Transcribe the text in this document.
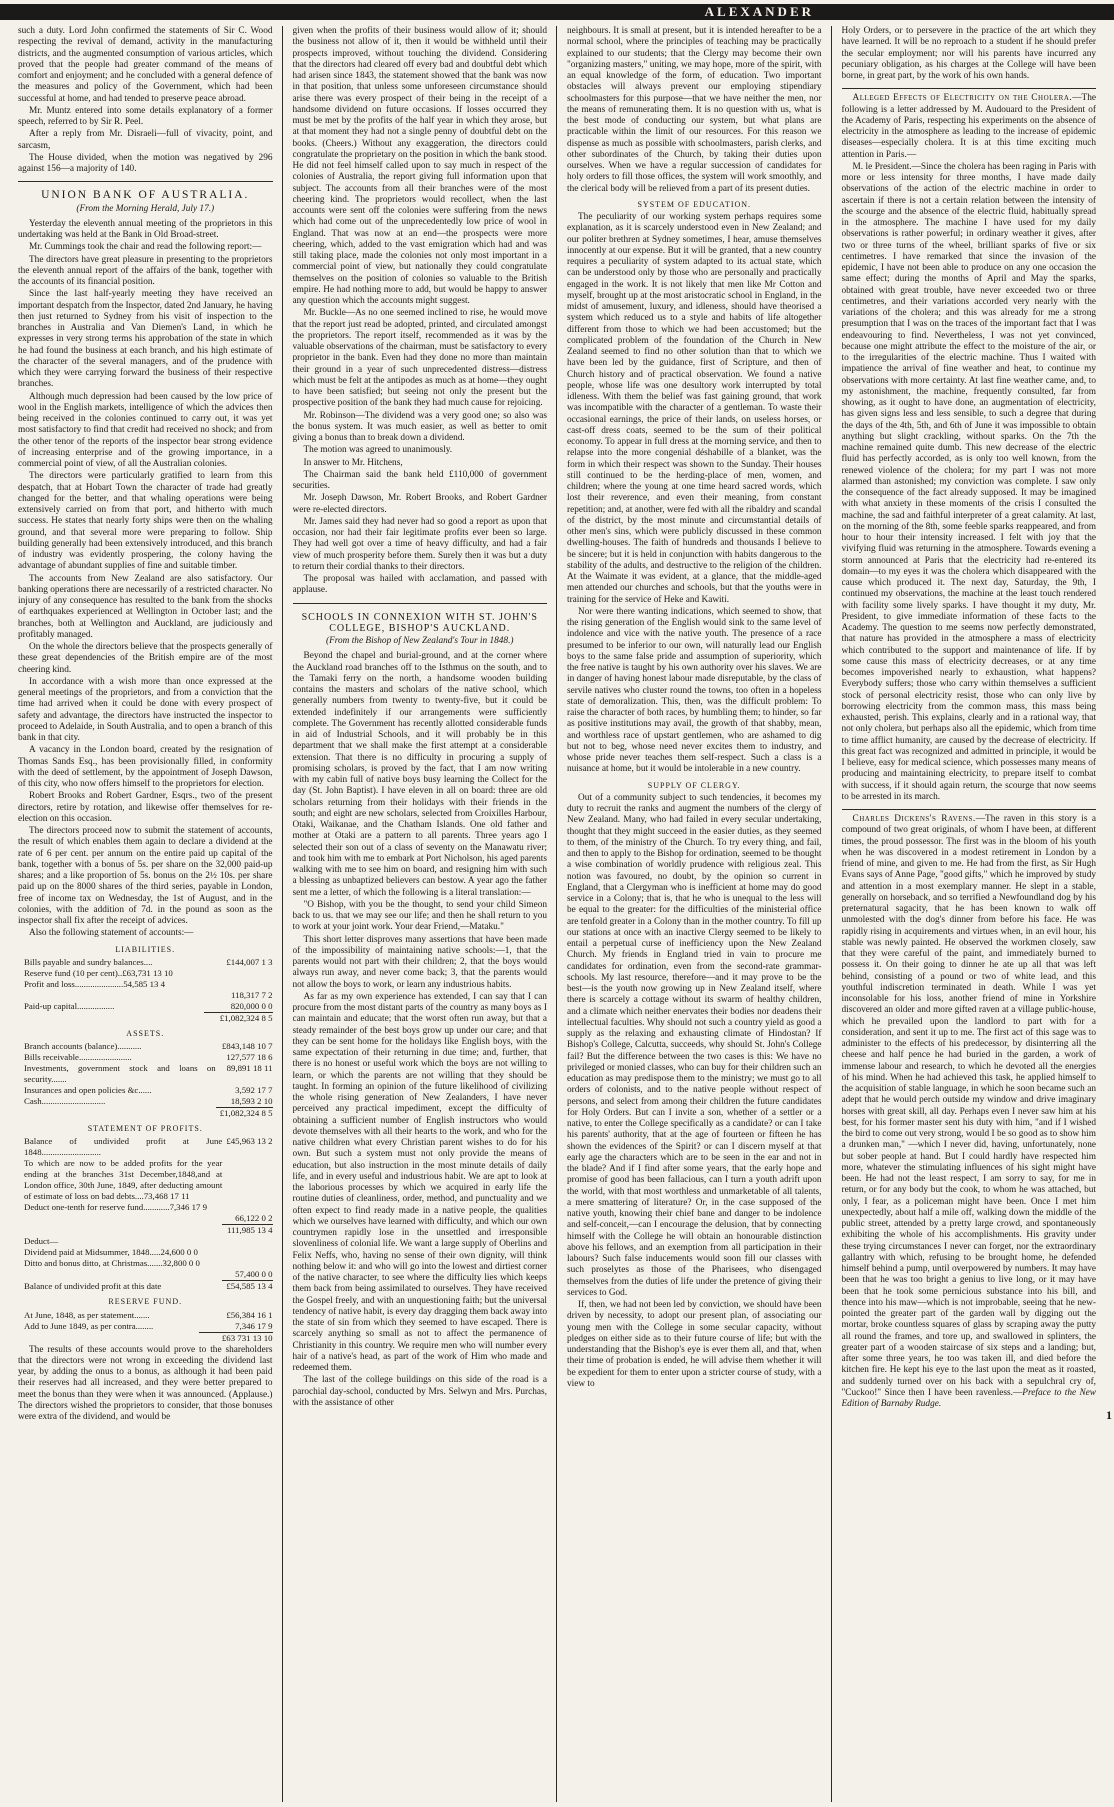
ALEXANDER

such a duty. Lord John confirmed the statements of Sir C. Wood respecting the revival of demand, activity in the manufacturing districts, and the augmented consumption of various articles, which proved that the people had greater command of the means of comfort and enjoyment; and he concluded with a general defence of the measures and policy of the Government, which had been successful at home, and had tended to preserve peace abroad.

Mr. Muntz entered into some details explanatory of a former speech, referred to by Sir R. Peel.

After a reply from Mr. Disraeli—full of vivacity, point, and sarcasm,

The House divided, when the motion was negatived by 296 against 156—a majority of 140.

UNION BANK OF AUSTRALIA.
(From the Morning Herald, July 17.)

Yesterday the eleventh annual meeting of the proprietors in this undertaking was held at the Bank in Old Broad-street.

Mr. Cummings took the chair and read the following report:—

The directors have great pleasure in presenting to the proprietors the eleventh annual report of the affairs of the bank, together with the accounts of its financial position.

Since the last half-yearly meeting they have received an important despatch from the Inspector, dated 2nd January, he having then just returned to Sydney from his visit of inspection to the branches in Australia and Van Diemen's Land, in which he expresses in very strong terms his approbation of the state in which he had found the business at each branch, and his high estimate of the character of the several managers, and of the prudence with which they were carrying forward the business of their respective branches.

Although much depression had been caused by the low price of wool in the English markets, intelligence of which the advices then being received in the colonies continued to carry out, it was yet most satisfactory to find that credit had received no shock; and from the other tenor of the reports of the inspector bear strong evidence of increasing enterprise and of the growing importance, in a commercial point of view, of all the Australian colonies.

The directors were particularly gratified to learn from this despatch, that at Hobart Town the character of trade had greatly changed for the better, and that whaling operations were being extensively carried on from that port, and hitherto with much success. He states that nearly forty ships were then on the whaling ground, and that several more were preparing to follow. Ship building generally had been extensively introduced, and this branch of industry was evidently prospering, the colony having the advantage of abundant supplies of fine and suitable timber.

The accounts from New Zealand are also satisfactory. Our banking operations there are necessarily of a restricted character. No injury of any consequence has resulted to the bank from the shocks of earthquakes experienced at Wellington in October last; and the branches, both at Wellington and Auckland, are judiciously and profitably managed.

On the whole the directors believe that the prospects generally of these great dependencies of the British empire are of the most cheering kind.

In accordance with a wish more than once expressed at the general meetings of the proprietors, and from a conviction that the time had arrived when it could be done with every prospect of safety and advantage, the directors have instructed the inspector to proceed to Adelaide, in South Australia, and to open a branch of this bank in that city.

A vacancy in the London board, created by the resignation of Thomas Sands Esq., has been provisionally filled, in conformity with the deed of settlement, by the appointment of Joseph Dawson, of this city, who now offers himself to the proprietors for election.

Robert Brooks and Robert Gardner, Esqrs., two of the present directors, retire by rotation, and likewise offer themselves for re-election on this occasion.

The directors proceed now to submit the statement of accounts, the result of which enables them again to declare a dividend at the rate of 6 per cent. per annum on the entire paid up capital of the bank, together with a bonus of 5s. per share on the 32,000 paid-up shares; and a like proportion of 5s. bonus on the 2½ 10s. per share paid up on the 8000 shares of the third series, payable in London, free of income tax on Wednesday, the 1st of August, and in the colonies, with the addition of 7d. in the pound as soon as the inspector shall fix after the receipt of advices.

Also the following statement of accounts:—

LIABILITIES.
Bills payable and sundry balances....	£144,007 1 3
Reserve fund (10 per cent)..£63,731 13 10	
Profit and loss......................54,585 13 4	
	118,317 7 2
Paid-up capital.................	820,000 0 0
	£1,082,324 8 5
ASSETS.
Branch accounts (balance)...........	£843,148 10 7
Bills receivable........................	127,577 18 6
Investments, government stock and loans on security.......	89,891 18 11
Insurances and open policies &c......	3,592 17 7
Cash.............................	18,593 2 10
	£1,082,324 8 5
STATEMENT OF PROFITS.
Balance of undivided profit at June 1848...........................	£45,963 13 2
To which are now to be added profits for the year ending at the branches 31st December,1848,and at London office, 30th June, 1849, after deducting amount of estimate of loss on bad debts....73,468 17 11	
Deduct one-tenth for reserve fund............7,346 17 9	
	66,122 0 2
	111,985 13 4
Deduct—	
Dividend paid at Midsummer, 1848.....24,600 0 0	
Ditto and bonus ditto, at Christmas.......32,800 0 0	
	57,400 0 0
Balance of undivided profit at this date	£54,585 13 4
RESERVE FUND.
At June, 1848, as per statement.......	£56,384 16 1
Add to June 1849, as per contra........	7,346 17 9
	£63 731 13 10

The results of these accounts would prove to the shareholders that the directors were not wrong in exceeding the dividend last year, by adding the onus to a bonus, as although it had been paid their reserves had all increased, and they were better prepared to meet the bonus than they were when it was announced. (Applause.) The directors wished the proprietors to consider, that those bonuses were extra of the dividend, and would be

given when the profits of their business would allow of it; should the business not allow of it, then it would be withheld until their prospects improved, without touching the dividend. Considering that the directors had cleared off every bad and doubtful debt which had arisen since 1843, the statement showed that the bank was now in that position, that unless some unforeseen circumstance should arise there was every prospect of their being in the receipt of a handsome dividend on future occasions. If losses occurred they must be met by the profits of the half year in which they arose, but at that moment they had not a single penny of doubtful debt on the books. (Cheers.) Without any exaggeration, the directors could congratulate the proprietary on the position in which the bank stood. He did not feel himself called upon to say much in respect of the colonies of Australia, the report giving full information upon that subject. The accounts from all their branches were of the most cheering kind. The proprietors would recollect, when the last accounts were sent off the colonies were suffering from the news which had come out of the unprecedentedly low price of wool in England. That was now at an end—the prospects were more cheering, which, added to the vast emigration which had and was still taking place, made the colonies not only most important in a commercial point of view, but nationally they could congratulate themselves on the position of colonies so valuable to the British empire. He had nothing more to add, but would be happy to answer any question which the accounts might suggest.

Mr. Buckle—As no one seemed inclined to rise, he would move that the report just read be adopted, printed, and circulated amongst the proprietors. The report itself, recommended as it was by the valuable observations of the chairman, must be satisfactory to every proprietor in the bank. Even had they done no more than maintain their ground in a year of such unprecedented distress—distress which must be felt at the antipodes as much as at home—they ought to have been satisfied; but seeing not only the present but the prospective position of the bank they had much cause for rejoicing.

Mr. Robinson—The dividend was a very good one; so also was the bonus system. It was much easier, as well as better to omit giving a bonus than to break down a dividend.

The motion was agreed to unanimously.

In answer to Mr. Hitchens,

The Chairman said the bank held £110,000 of government securities.

Mr. Joseph Dawson, Mr. Robert Brooks, and Robert Gardner were re-elected directors.

Mr. James said they had never had so good a report as upon that occasion, nor had their fair legitimate profits ever been so large. They had well got over a time of heavy difficulty, and had a fair view of much prosperity before them. Surely then it was but a duty to return their cordial thanks to their directors.

The proposal was hailed with acclamation, and passed with applause.

SCHOOLS IN CONNEXION WITH ST. JOHN'S COLLEGE, BISHOP'S AUCKLAND.
(From the Bishop of New Zealand's Tour in 1848.)

Beyond the chapel and burial-ground, and at the corner where the Auckland road branches off to the Isthmus on the south, and to the Tamaki ferry on the north, a handsome wooden building contains the masters and scholars of the native school, which generally numbers from twenty to twenty-five, but it could be extended indefinitely if our arrangements were sufficiently complete. The Government has recently allotted considerable funds in aid of Industrial Schools, and it will probably be in this department that we shall make the first attempt at a considerable extension. That there is no difficulty in procuring a supply of promising scholars, is proved by the fact, that I am now writing with my cabin full of native boys busy learning the Collect for the day (St. John Baptist). I have eleven in all on board: three are old scholars returning from their holidays with their friends in the south; and eight are new scholars, selected from Croixilles Harbour, Otaki, Waikanae, and the Chatham Islands. One old father and mother at Otaki are a pattern to all parents. Three years ago I selected their son out of a class of seventy on the Manawatu river; and took him with me to embark at Port Nicholson, his aged parents walking with me to see him on board, and resigning him with such a blessing as unbaptized believers can bestow. A year ago the father sent me a letter, of which the following is a literal translation:—

"O Bishop, with you be the thought, to send your child Simeon back to us. that we may see our life; and then he shall return to you to work at your joint work. Your dear Friend,—Mataku."

This short letter disproves many assertions that have been made of the impossibility of maintaining native schools:—1, that the parents would not part with their children; 2, that the boys would always run away, and never come back; 3, that the parents would not allow the boys to work, or learn any industrious habits.

As far as my own experience has extended, I can say that I can procure from the most distant parts of the country as many boys as I can maintain and educate; that the worst often run away, but that a steady remainder of the best boys grow up under our care; and that they can be sent home for the holidays like English boys, with the same expectation of their returning in due time; and, further, that there is no honest or useful work which the boys are not willing to learn, or which the parents are not willing that they should be taught. In forming an opinion of the future likelihood of civilizing the whole rising generation of New Zealanders, I have never perceived any practical impediment, except the difficulty of obtaining a sufficient number of English instructors who would devote themselves with all their hearts to the work, and who for the native children what every Christian parent wishes to do for his own. But such a system must not only provide the means of education, but also instruction in the most minute details of daily life, and in every useful and industrious habit. We are apt to look at the laborious processes by which we acquired in early life the routine duties of cleanliness, order, method, and punctuality and we often expect to find ready made in a native people, the qualities which we ourselves have learned with difficulty, and which our own countrymen rapidly lose in the unsettled and irresponsible slovenliness of colonial life. We want a large supply of Oberlins and Felix Neffs, who, having no sense of their own dignity, will think nothing below it: and who will go into the lowest and dirtiest corner of the native character, to see where the difficulty lies which keeps them back from being assimilated to ourselves. They have received the Gospel freely, and with an unquestioning faith; but the universal tendency of native habit, is every day dragging them back away into the state of sin from which they seemed to have escaped. There is scarcely anything so small as not to affect the permanence of Christianity in this country. We require men who will number every hair of a native's head, as part of the work of Him who made and redeemed them.

The last of the college buildings on this side of the road is a parochial day-school, conducted by Mrs. Selwyn and Mrs. Purchas, with the assistance of other

neighbours. It is small at present, but it is intended hereafter to be a normal school, where the principles of teaching may be practically explained to our students; that the Clergy may become their own "organizing masters," uniting, we may hope, more of the spirit, with an equal knowledge of the form, of education. Two important obstacles will always prevent our employing stipendiary schoolmasters for this purpose—that we have neither the men, nor the means of remunerating them. It is no question with us, what is the best mode of conducting our system, but what plans are practicable within the limit of our resources. For this reason we dispense as much as possible with schoolmasters, parish clerks, and other subordinates of the Church, by taking their duties upon ourselves. When we have a regular succession of candidates for holy orders to fill those offices, the system will work smoothly, and the clerical body will be relieved from a part of its present duties.

SYSTEM OF EDUCATION.

The peculiarity of our working system perhaps requires some explanation, as it is scarcely understood even in New Zealand; and our politer brethren at Sydney sometimes, I hear, amuse themselves innocently at our expense. But it will be granted, that a new country requires a peculiarity of system adapted to its actual state, which can be understood only by those who are personally and practically engaged in the work. It is not likely that men like Mr Cotton and myself, brought up at the most aristocratic school in England, in the midst of amusement, luxury, and idleness, should have theorised a system which reduced us to a style and habits of life altogether different from those to which we had been accustomed; but the complicated problem of the foundation of the Church in New Zealand seemed to find no other solution than that to which we have been led by the guidance, first of Scripture, and then of Church history and of practical observation. We found a native people, whose life was one desultory work interrupted by total idleness. With them the belief was fast gaining ground, that work was incompatible with the character of a gentleman. To waste their occasional earnings, the price of their lands, on useless horses, or cast-off dress coats, seemed to be the sum of their political economy. To appear in full dress at the morning service, and then to relapse into the more congenial déshabille of a blanket, was the form in which their respect was shown to the Sunday. Their houses still continued to be the herding-place of men, women, and children; where the young at one time heard sacred words, which lost their reverence, and even their meaning, from constant repetition; and, at another, were fed with all the ribaldry and scandal of the district, by the most minute and circumstantial details of other men's sins, which were publicly discussed in these common dwelling-houses. The faith of hundreds and thousands I believe to be sincere; but it is held in conjunction with habits dangerous to the stability of the adults, and destructive to the religion of the children. At the Waimate it was evident, at a glance, that the middle-aged men attended our churches and schools, but that the youths were in training for the service of Heke and Kawiti.

Nor were there wanting indications, which seemed to show, that the rising generation of the English would sink to the same level of indolence and vice with the native youth. The presence of a race presumed to be inferior to our own, will naturally lead our English boys to the same false pride and assumption of superiority, which the free native is taught by his own authority over his slaves. We are in danger of having honest labour made disreputable, by the class of servile natives who cluster round the towns, too often in a hopeless state of demoralization. This, then, was the difficult problem: To raise the character of both races, by humbling them; to hinder, so far as positive institutions may avail, the growth of that shabby, mean, and worthless race of upstart gentlemen, who are ashamed to dig but not to beg, whose need never excites them to industry, and whose pride never teaches them self-respect. Such a class is a nuisance at home, but it would be intolerable in a new country.

SUPPLY OF CLERGY.

Out of a community subject to such tendencies, it becomes my duty to recruit the ranks and augment the numbers of the clergy of New Zealand. Many, who had failed in every secular undertaking, thought that they might succeed in the easier duties, as they seemed to them, of the ministry of the Church. To try every thing, and fail, and then to apply to the Bishop for ordination, seemed to be thought a wise combination of worldly prudence with religious zeal. This notion was favoured, no doubt, by the opinion so current in England, that a Clergyman who is inefficient at home may do good service in a Colony; that is, that he who is unequal to the less will be equal to the greater: for the difficulties of the ministerial office are tenfold greater in a Colony than in the mother country. To fill up our stations at once with an inactive Clergy seemed to be likely to entail a perpetual curse of inefficiency upon the New Zealand Church. My friends in England tried in vain to procure me candidates for ordination, even from the second-rate grammar-schools. My last resource, therefore—and it may prove to be the best—is the youth now growing up in New Zealand itself, where there is scarcely a cottage without its swarm of healthy children, and a climate which neither enervates their bodies nor deadens their intellectual faculties. Why should not such a country yield as good a supply as the relaxing and exhausting climate of Hindostan? If Bishop's College, Calcutta, succeeds, why should St. John's College fail? But the difference between the two cases is this: We have no privileged or monied classes, who can buy for their children such an education as may predispose them to the ministry; we must go to all orders of colonists, and to the native people without respect of persons, and select from among their children the future candidates for Holy Orders. But can I invite a son, whether of a settler or a native, to enter the College specifically as a candidate? or can I take his parents' authority, that at the age of fourteen or fifteen he has shown the evidences of the Spirit? or can I discern myself at that early age the characters which are to be seen in the ear and not in the blade? And if I find after some years, that the early hope and promise of good has been fallacious, can I turn a youth adrift upon the world, with that most worthless and unmarketable of all talents, a mere smattering of literature? Or, in the case supposed of the native youth, knowing their chief bane and danger to be indolence and self-conceit,—can I encourage the delusion, that by connecting himself with the College he will obtain an honourable distinction above his fellows, and an exemption from all participation in their labours? Such false inducements would soon fill our classes with such proselytes as those of the Pharisees, who disengaged themselves from the duties of life under the pretence of giving their services to God.

If, then, we had not been led by conviction, we should have been driven by necessity, to adopt our present plan, of associating our young men with the College in some secular capacity, without pledges on either side as to their future course of life; but with the understanding that the Bishop's eye is ever them all, and that, when their time of probation is ended, he will advise them whether it will be expedient for them to enter upon a stricter course of study, with a view to

Holy Orders, or to persevere in the practice of the art which they have learned. It will be no reproach to a student if he should prefer the secular employment; nor will his parents have incurred any pecuniary obligation, as his charges at the College will have been borne, in great part, by the work of his own hands.

Alleged Effects of Electricity on the Cholera.—The following is a letter addressed by M. Audouard to the President of the Academy of Paris, respecting his experiments on the absence of electricity in the atmosphere as leading to the increase of epidemic diseases—especially cholera. It is at this time exciting much attention in Paris.—

M. le President.—Since the cholera has been raging in Paris with more or less intensity for three months, I have made daily observations of the action of the electric machine in order to ascertain if there is not a certain relation between the intensity of the scourge and the absence of the electric fluid, habitually spread in the atmosphere. The machine I have used for my daily observations is rather powerful; in ordinary weather it gives, after two or three turns of the wheel, brilliant sparks of five or six centimetres. I have remarked that since the invasion of the epidemic, I have not been able to produce on any one occasion the same effect; during the months of April and May the sparks, obtained with great trouble, have never exceeded two or three centimetres, and their variations accorded very nearly with the variations of the cholera; and this was already for me a strong presumption that I was on the traces of the important fact that I was endeavouring to find. Nevertheless, I was not yet convinced, because one might attribute the effect to the moisture of the air, or to the irregularities of the electric machine. Thus I waited with impatience the arrival of fine weather and heat, to continue my observations with more certainty. At last fine weather came, and, to my astonishment, the machine, frequently consulted, far from showing, as it ought to have done, an augmentation of electricity, has given signs less and less sensible, to such a degree that during the days of the 4th, 5th, and 6th of June it was impossible to obtain anything but slight crackling, without sparks. On the 7th the machine remained quite dumb. This new decrease of the electric fluid has perfectly accorded, as is only too well known, from the renewed violence of the cholera; for my part I was not more alarmed than astonished; my conviction was complete. I saw only the consequence of the fact already supposed. It may be imagined with what anxiety in these moments of the crisis I consulted the machine, the sad and faithful interpreter of a great calamity. At last, on the morning of the 8th, some feeble sparks reappeared, and from hour to hour their intensity increased. I felt with joy that the vivifying fluid was returning in the atmosphere. Towards evening a storm announced at Paris that the electricity had re-entered its domain—to my eyes it was the cholera which disappeared with the cause which produced it. The next day, Saturday, the 9th, I continued my observations, the machine at the least touch rendered with facility some lively sparks. I have thought it my duty, Mr. President, to give immediate information of these facts to the Academy. The question to me seems now perfectly demonstrated, that nature has provided in the atmosphere a mass of electricity which contributed to the support and maintenance of life. If by some cause this mass of electricity decreases, or at any time becomes impoverished nearly to exhaustion, what happens? Everybody suffers; those who carry within themselves a sufficient stock of personal electricity resist, those who can only live by borrowing electricity from the common mass, this mass being exhausted, perish. This explains, clearly and in a rational way, that not only cholera, but perhaps also all the epidemic, which from time to time afflict humanity, are caused by the decrease of electricity. If this great fact was recognized and admitted in principle, it would be I believe, easy for medical science, which possesses many means of producing and maintaining electricity, to prepare itself to combat with success, if it should again return, the scourge that now seems to be arrested in its march.

Charles Dickens's Ravens.—The raven in this story is a compound of two great originals, of whom I have been, at different times, the proud possessor. The first was in the bloom of his youth when he was discovered in a modest retirement in London by a friend of mine, and given to me. He had from the first, as Sir Hugh Evans says of Anne Page, "good gifts," which he improved by study and attention in a most exemplary manner. He slept in a stable, generally on horseback, and so terrified a Newfoundland dog by his preternatural sagacity, that he has been known to walk off unmolested with the dog's dinner from before his face. He was rapidly rising in acquirements and virtues when, in an evil hour, his stable was newly painted. He observed the workmen closely, saw that they were careful of the paint, and immediately burned to possess it. On their going to dinner he ate up all that was left behind, consisting of a pound or two of white lead, and this youthful indiscretion terminated in death. While I was yet inconsolable for his loss, another friend of mine in Yorkshire discovered an older and more gifted raven at a village public-house, which he prevailed upon the landlord to part with for a consideration, and sent it up to me. The first act of this sage was to administer to the effects of his predecessor, by disinterring all the cheese and half pence he had buried in the garden, a work of immense labour and research, to which he devoted all the energies of his mind. When he had achieved this task, he applied himself to the acquisition of stable language, in which he soon became such an adept that he would perch outside my window and drive imaginary horses with great skill, all day. Perhaps even I never saw him at his best, for his former master sent his duty with him, "and if I wished the bird to come out very strong, would I be so good as to show him a drunken man," —which I never did, having, unfortunately, none but sober people at hand. But I could hardly have respected him more, whatever the stimulating influences of his sight might have been. He had not the least respect, I am sorry to say, for me in return, or for any body but the cook, to whom he was attached, but only, I fear, as a policeman might have been. Once I met him unexpectedly, about half a mile off, walking down the middle of the public street, attended by a pretty large crowd, and spontaneously exhibiting the whole of his accomplishments. His gravity under these trying circumstances I never can forget, nor the extraordinary gallantry with which, refusing to be brought home, he defended himself behind a pump, until overpowered by numbers. It may have been that he was too bright a genius to live long, or it may have been that he took some pernicious substance into his bill, and thence into his maw—which is not improbable, seeing that he new-pointed the greater part of the garden wall by digging out the mortar, broke countless squares of glass by scraping away the putty all round the frames, and tore up, and swallowed in splinters, the greater part of a wooden staircase of six steps and a landing; but, after some three years, he too was taken ill, and died before the kitchen fire. He kept his eye to the last upon the meat as it roasted, and suddenly turned over on his back with a sepulchral cry of, "Cuckoo!" Since then I have been ravenless.—Preface to the New Edition of Barnaby Rudge.

1
